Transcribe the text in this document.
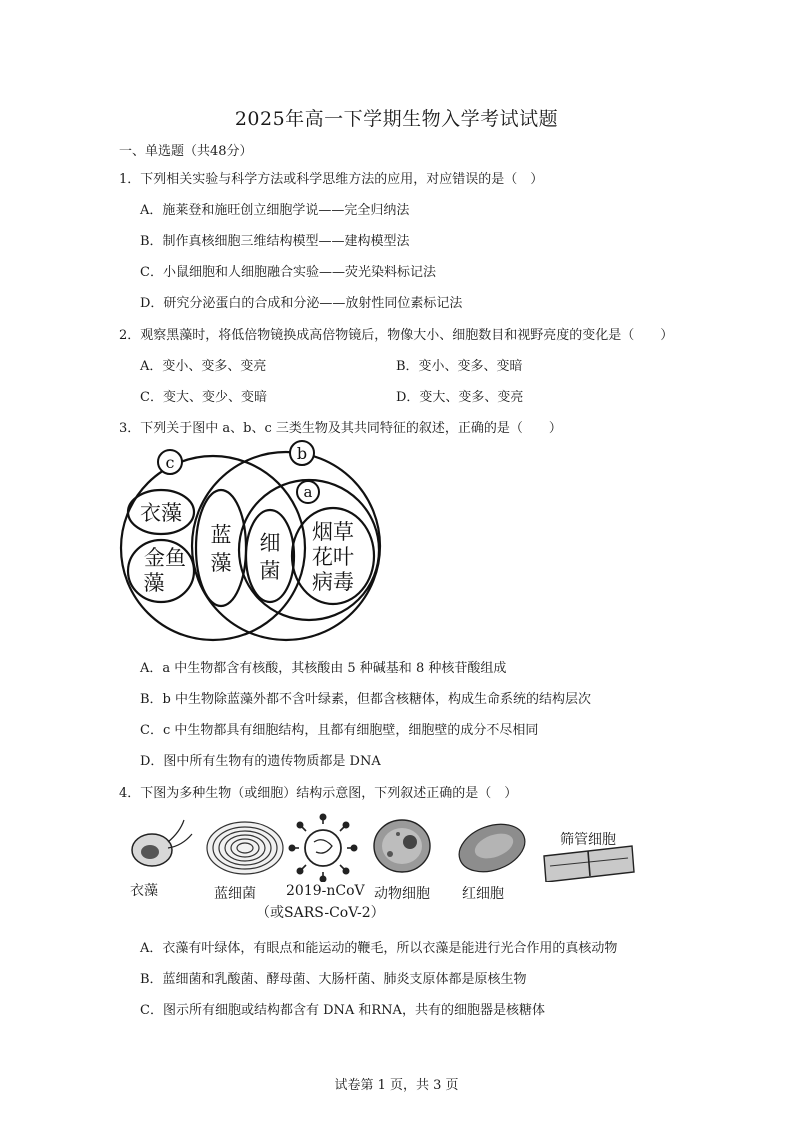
2025年高一下学期生物入学考试试题
一、单选题（共48分）
1．下列相关实验与科学方法或科学思维方法的应用，对应错误的是（　）
A．施莱登和施旺创立细胞学说——完全归纳法
B．制作真核细胞三维结构模型——建构模型法
C．小鼠细胞和人细胞融合实验——荧光染料标记法
D．研究分泌蛋白的合成和分泌——放射性同位素标记法
2．观察黑藻时，将低倍物镜换成高倍物镜后，物像大小、细胞数目和视野亮度的变化是（　　）
A．变小、变多、变亮	B．变小、变多、变暗
C．变大、变少、变暗	D．变大、变多、变亮
3．下列关于图中 a、b、c 三类生物及其共同特征的叙述，正确的是（　　）
c	b
a
衣藻
金鱼
藻
蓝
藻
细
菌
烟草
花叶
病毒
A．a 中生物都含有核酸，其核酸由 5 种碱基和 8 种核苷酸组成
B．b 中生物除蓝藻外都不含叶绿素，但都含核糖体，构成生命系统的结构层次
C．c 中生物都具有细胞结构，且都有细胞壁，细胞壁的成分不尽相同
D．图中所有生物有的遗传物质都是 DNA
4．下图为多种生物（或细胞）结构示意图，下列叙述正确的是（　）
衣藻	蓝细菌 2019-nCoV
（或SARS-CoV-2）
动物细胞 红细胞
筛管细胞
A．衣藻有叶绿体，有眼点和能运动的鞭毛，所以衣藻是能进行光合作用的真核动物
B．蓝细菌和乳酸菌、酵母菌、大肠杆菌、肺炎支原体都是原核生物
C．图示所有细胞或结构都含有 DNA 和RNA，共有的细胞器是核糖体
试卷第 1 页，共 3 页
